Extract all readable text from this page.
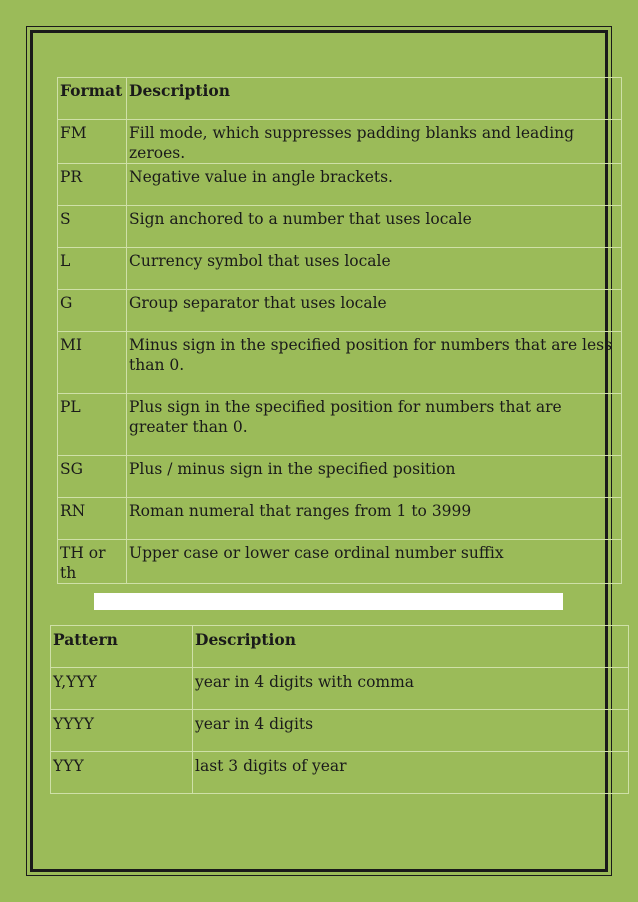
Format	Description
FM	Fill mode, which suppresses padding blanks and leading zeroes.
PR	Negative value in angle brackets.
S	Sign anchored to a number that uses locale
L	Currency symbol that uses locale
G	Group separator that uses locale
MI	Minus sign in the specified position for numbers that are less than 0.
PL	Plus sign in the specified position for numbers that are greater than 0.
SG	Plus / minus sign in the specified position
RN	Roman numeral that ranges from 1 to 3999
TH or th	Upper case or lower case ordinal number suffix
Pattern	Description
Y,YYY	year in 4 digits with comma
YYYY	year in 4 digits
YYY	last 3 digits of year
